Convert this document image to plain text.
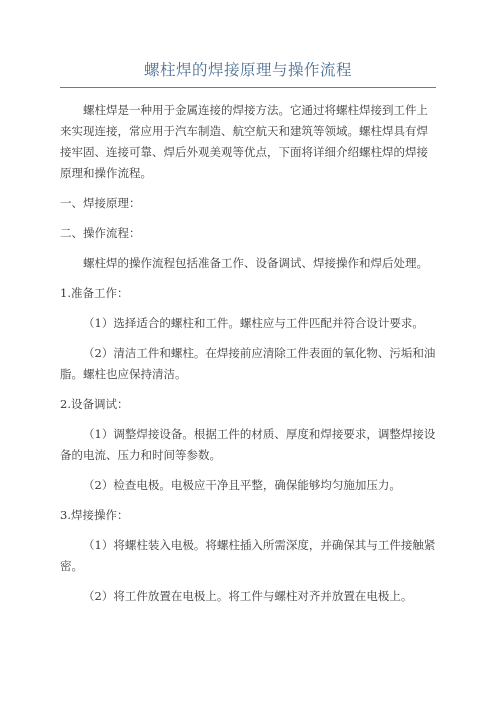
螺柱焊的焊接原理与操作流程

螺柱焊是一种用于金属连接的焊接方法。它通过将螺柱焊接到工件上来实现连接，常应用于汽车制造、航空航天和建筑等领域。螺柱焊具有焊接牢固、连接可靠、焊后外观美观等优点，下面将详细介绍螺柱焊的焊接原理和操作流程。

一、焊接原理：

二、操作流程：

螺柱焊的操作流程包括准备工作、设备调试、焊接操作和焊后处理。

1.准备工作：

（1）选择适合的螺柱和工件。螺柱应与工件匹配并符合设计要求。

（2）清洁工件和螺柱。在焊接前应清除工件表面的氧化物、污垢和油脂。螺柱也应保持清洁。

2.设备调试：

（1）调整焊接设备。根据工件的材质、厚度和焊接要求，调整焊接设备的电流、压力和时间等参数。

（2）检查电极。电极应干净且平整，确保能够均匀施加压力。

3.焊接操作：

（1）将螺柱装入电极。将螺柱插入所需深度，并确保其与工件接触紧密。

（2）将工件放置在电极上。将工件与螺柱对齐并放置在电极上。
